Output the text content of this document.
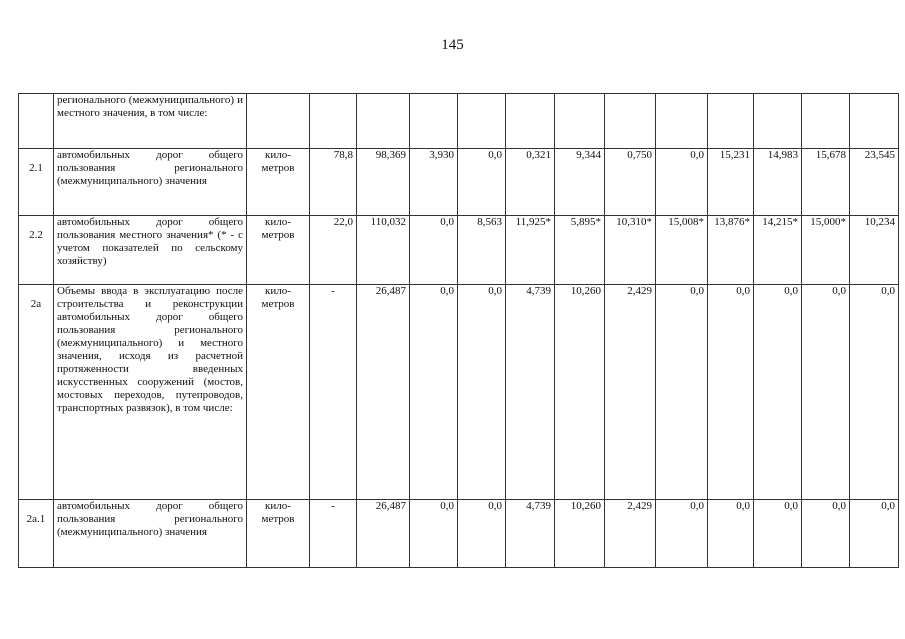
145
	регионального (межмуниципального) и местного значения, в том числе:													
2.1	автомобильных дорог общего пользования регионального (межмуниципального) значения	кило-метров	78,8	98,369	3,930	0,0	0,321	9,344	0,750	0,0	15,231	14,983	15,678	23,545
2.2	автомобильных дорог общего пользования местного значения* (* - с учетом показателей по сельскому хозяйству)	кило-метров	22,0	110,032	0,0	8,563	11,925*	5,895*	10,310*	15,008*	13,876*	14,215*	15,000*	10,234
2а	Объемы ввода в эксплуатацию после строительства и реконструкции автомобильных дорог общего пользования регионального (межмуниципального) и местного значения, исходя из расчетной протяженности введенных искусственных сооружений (мостов, мостовых переходов, путепроводов, транспортных развязок), в том числе:	кило-метров	-	26,487	0,0	0,0	4,739	10,260	2,429	0,0	0,0	0,0	0,0	0,0
2а.1	автомобильных дорог общего пользования регионального (межмуниципального) значения	кило-метров	-	26,487	0,0	0,0	4,739	10,260	2,429	0,0	0,0	0,0	0,0	0,0
